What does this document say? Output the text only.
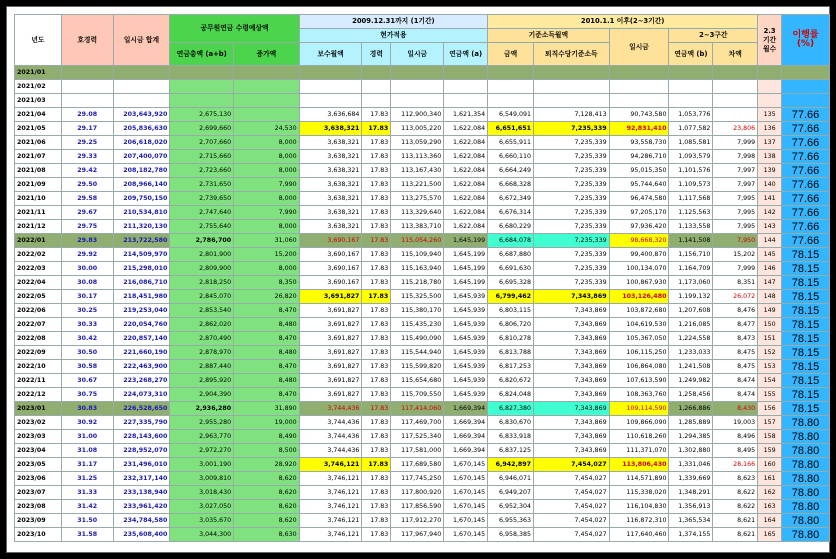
년도	호경력	일시금 합계	공무원연금 수령예상액		2009.12.31까지 (1기간)				2010.1.1 이후(2~3기간)					2.3 기간 월수	이행률 (%)
					현가적용				기준소득월액		일시금	2~3구간			
			연금총액 (a+b)	증가액	보수월액	경력	일시금	연금액 (a)	금액	퇴직수당기준소득		연금액 (b)	차액		
2021/01															
2021/02															
2021/03															
2021/04	29.08	203,643,920	2,675,130		3,636,684	17.83	112,900,340	1,621,354	6,549,091	7,128,413	90,743,580	1,053,776		135	77.66
2021/05	29.17	205,836,630	2,699,660	24,530	3,638,321	17.83	113,005,220	1,622,084	6,651,651	7,235,339	92,831,410	1,077,582	23,806	136	77.66
2021/06	29.25	206,618,020	2,707,660	8,000	3,638,321	17.83	113,059,290	1,622,084	6,655,911	7,235,339	93,558,730	1,085,581	7,999	137	77.66
2021/07	29.33	207,400,070	2,715,660	8,000	3,638,321	17.83	113,113,360	1,622,084	6,660,110	7,235,339	94,286,710	1,093,579	7,998	138	77.66
2021/08	29.42	208,182,780	2,723,660	8,000	3,638,321	17.83	113,167,430	1,622,084	6,664,249	7,235,339	95,015,350	1,101,576	7,997	139	77.66
2021/09	29.50	208,966,140	2,731,650	7,990	3,638,321	17.83	113,221,500	1,622,084	6,668,328	7,235,339	95,744,640	1,109,573	7,997	140	77.66
2021/10	29.58	209,750,150	2,739,650	8,000	3,638,321	17.83	113,275,570	1,622,084	6,672,349	7,235,339	96,474,580	1,117,568	7,995	141	77.66
2021/11	29.67	210,534,810	2,747,640	7,990	3,638,321	17.83	113,329,640	1,622,084	6,676,314	7,235,339	97,205,170	1,125,563	7,995	142	77.66
2021/12	29.75	211,320,130	2,755,640	8,000	3,638,321	17.83	113,383,710	1,622,084	6,680,229	7,235,339	97,936,420	1,133,558	7,995	143	77.66
2022/01	29.83	213,722,580	2,786,700	31,060	3,690,167	17.83	115,054,260	1,645,199	6,684,078	7,235,339	98,668,320	1,141,508	7,950	144	77.66
2022/02	29.92	214,509,970	2,801,900	15,200	3,690,167	17.83	115,109,940	1,645,199	6,687,880	7,235,339	99,400,870	1,156,710	15,202	145	78.15
2022/03	30.00	215,298,010	2,809,900	8,000	3,690,167	17.83	115,163,940	1,645,199	6,691,630	7,235,339	100,134,070	1,164,709	7,999	146	78.15
2022/04	30.08	216,086,710	2,818,250	8,350	3,690,167	17.83	115,218,780	1,645,199	6,695,328	7,235,339	100,867,930	1,173,060	8,351	147	78.15
2022/05	30.17	218,451,980	2,845,070	26,820	3,691,827	17.83	115,325,500	1,645,939	6,799,462	7,343,869	103,126,480	1,199,132	26,072	148	78.15
2022/06	30.25	219,253,040	2,853,540	8,470	3,691,827	17.83	115,380,170	1,645,939	6,803,115	7,343,869	103,872,680	1,207,608	8,476	149	78.15
2022/07	30.33	220,054,760	2,862,020	8,480	3,691,827	17.83	115,435,230	1,645,939	6,806,720	7,343,869	104,619,530	1,216,085	8,477	150	78.15
2022/08	30.42	220,857,140	2,870,490	8,470	3,691,827	17.83	115,490,090	1,645,939	6,810,278	7,343,869	105,367,050	1,224,558	8,473	151	78.15
2022/09	30.50	221,660,190	2,878,970	8,480	3,691,827	17.83	115,544,940	1,645,939	6,813,788	7,343,869	106,115,250	1,233,033	8,475	152	78.15
2022/10	30.58	222,463,900	2,887,440	8,470	3,691,827	17.83	115,599,820	1,645,939	6,817,253	7,343,869	106,864,080	1,241,508	8,475	153	78.15
2022/11	30.67	223,268,270	2,895,920	8,480	3,691,827	17.83	115,654,680	1,645,939	6,820,672	7,343,869	107,613,590	1,249,982	8,474	154	78.15
2022/12	30.75	224,073,310	2,904,390	8,470	3,691,827	17.83	115,709,550	1,645,939	6,824,048	7,343,869	108,363,760	1,258,456	8,474	155	78.15
2023/01	30.83	226,528,650	2,936,280	31,890	3,744,436	17.83	117,414,060	1,669,394	6,827,380	7,343,869	109,114,590	1,266,886	8,430	156	78.15
2023/02	30.92	227,335,790	2,955,280	19,000	3,744,436	17.83	117,469,700	1,669,394	6,830,670	7,343,869	109,866,090	1,285,889	19,003	157	78.80
2023/03	31.00	228,143,600	2,963,770	8,490	3,744,436	17.83	117,525,340	1,669,394	6,833,918	7,343,869	110,618,260	1,294,385	8,496	158	78.80
2023/04	31.08	228,952,070	2,972,270	8,500	3,744,436	17.83	117,581,000	1,669,394	6,837,125	7,343,869	111,371,070	1,302,880	8,495	159	78.80
2023/05	31.17	231,496,010	3,001,190	28,920	3,746,121	17.83	117,689,580	1,670,145	6,942,897	7,454,027	113,806,430	1,331,046	28,166	160	78.80
2023/06	31.25	232,317,140	3,009,810	8,620	3,746,121	17.83	117,745,250	1,670,145	6,946,071	7,454,027	114,571,890	1,339,669	8,623	161	78.80
2023/07	31.33	233,138,940	3,018,430	8,620	3,746,121	17.83	117,800,920	1,670,145	6,949,207	7,454,027	115,338,020	1,348,291	8,622	162	78.80
2023/08	31.42	233,961,420	3,027,050	8,620	3,746,121	17.83	117,856,590	1,670,145	6,952,304	7,454,027	116,104,830	1,356,913	8,622	163	78.80
2023/09	31.50	234,784,580	3,035,670	8,620	3,746,121	17.83	117,912,270	1,670,145	6,955,363	7,454,027	116,872,310	1,365,534	8,621	164	78.80
2023/10	31.58	235,608,400	3,044,300	8,630	3,746,121	17.83	117,967,940	1,670,145	6,958,385	7,454,027	117,640,460	1,374,155	8,621	165	78.80
